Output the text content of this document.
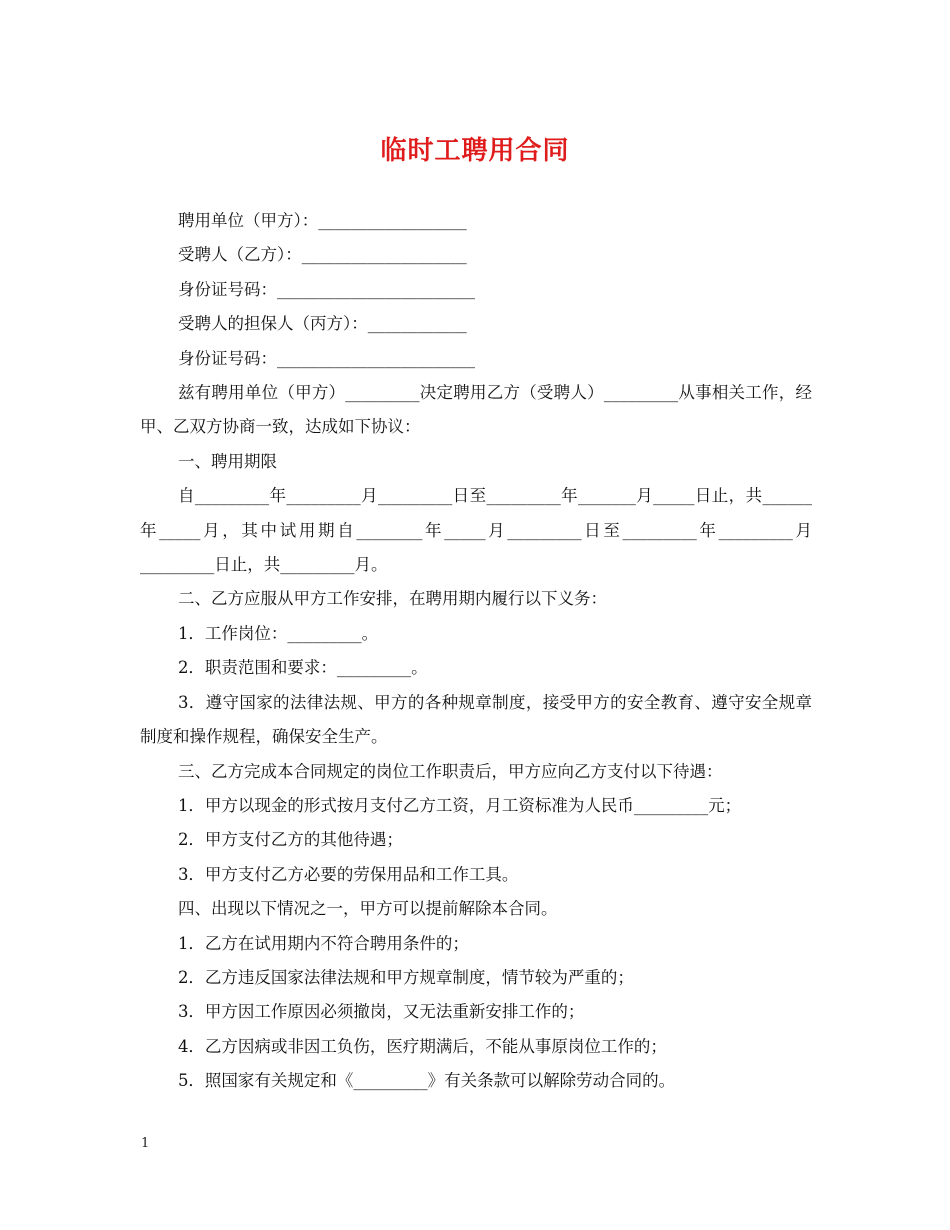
临时工聘用合同

聘用单位（甲方）：__________________

受聘人（乙方）：____________________

身份证号码：________________________

受聘人的担保人（丙方）：____________

身份证号码：________________________

兹有聘用单位（甲方）_________决定聘用乙方（受聘人）_________从事相关工作，经甲、乙双方协商一致，达成如下协议：

一、聘用期限

自_________年_________月_________日至_________年_______月_____日止，共______年_____月，其中试用期自________年_____月_________日至_________年_________月_________日止，共_________月。

二、乙方应服从甲方工作安排，在聘用期内履行以下义务：

1．工作岗位：_________。

2．职责范围和要求：_________。

3．遵守国家的法律法规、甲方的各种规章制度，接受甲方的安全教育、遵守安全规章制度和操作规程，确保安全生产。

三、乙方完成本合同规定的岗位工作职责后，甲方应向乙方支付以下待遇：

1．甲方以现金的形式按月支付乙方工资，月工资标准为人民币_________元；

2．甲方支付乙方的其他待遇；

3．甲方支付乙方必要的劳保用品和工作工具。

四、出现以下情况之一，甲方可以提前解除本合同。

1．乙方在试用期内不符合聘用条件的；

2．乙方违反国家法律法规和甲方规章制度，情节较为严重的；

3．甲方因工作原因必须撤岗，又无法重新安排工作的；

4．乙方因病或非因工负伤，医疗期满后，不能从事原岗位工作的；

5．照国家有关规定和《_________》有关条款可以解除劳动合同的。

1
